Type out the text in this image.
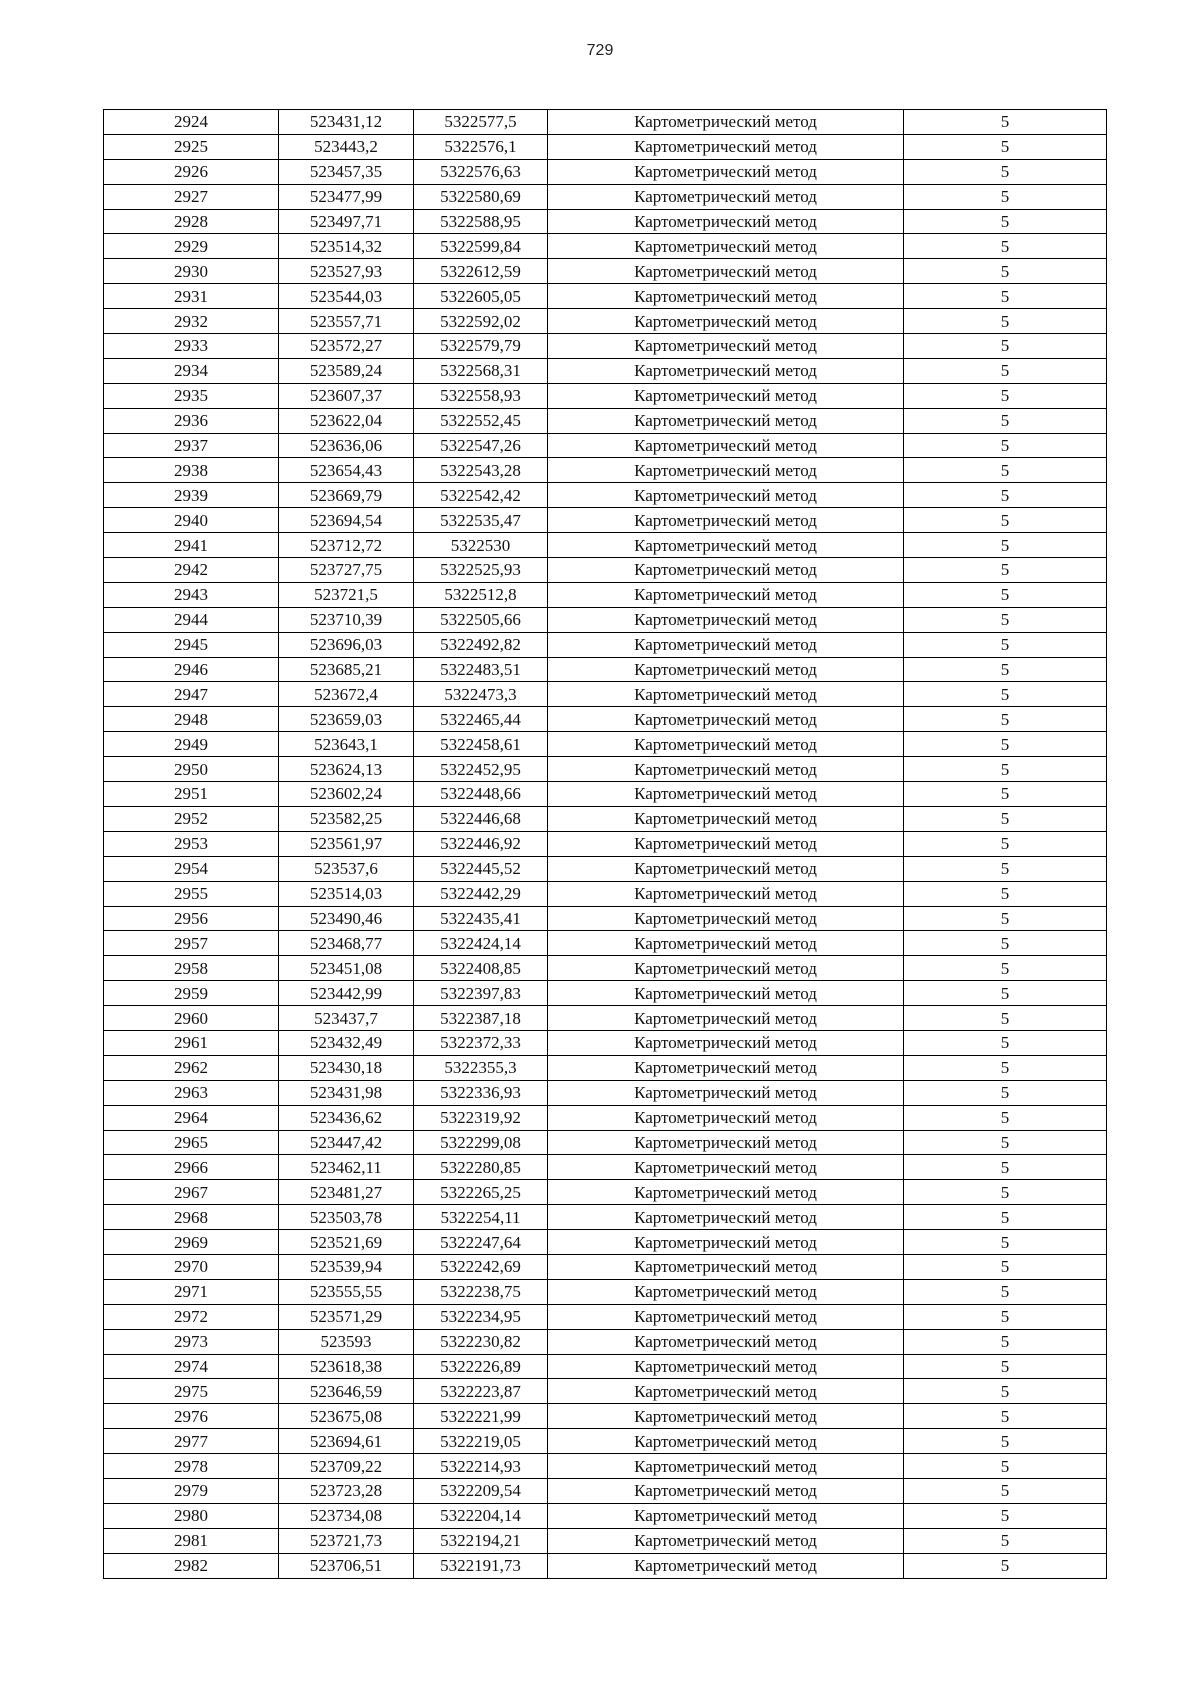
729
2924	523431,12	5322577,5	Картометрический метод	5
2925	523443,2	5322576,1	Картометрический метод	5
2926	523457,35	5322576,63	Картометрический метод	5
2927	523477,99	5322580,69	Картометрический метод	5
2928	523497,71	5322588,95	Картометрический метод	5
2929	523514,32	5322599,84	Картометрический метод	5
2930	523527,93	5322612,59	Картометрический метод	5
2931	523544,03	5322605,05	Картометрический метод	5
2932	523557,71	5322592,02	Картометрический метод	5
2933	523572,27	5322579,79	Картометрический метод	5
2934	523589,24	5322568,31	Картометрический метод	5
2935	523607,37	5322558,93	Картометрический метод	5
2936	523622,04	5322552,45	Картометрический метод	5
2937	523636,06	5322547,26	Картометрический метод	5
2938	523654,43	5322543,28	Картометрический метод	5
2939	523669,79	5322542,42	Картометрический метод	5
2940	523694,54	5322535,47	Картометрический метод	5
2941	523712,72	5322530	Картометрический метод	5
2942	523727,75	5322525,93	Картометрический метод	5
2943	523721,5	5322512,8	Картометрический метод	5
2944	523710,39	5322505,66	Картометрический метод	5
2945	523696,03	5322492,82	Картометрический метод	5
2946	523685,21	5322483,51	Картометрический метод	5
2947	523672,4	5322473,3	Картометрический метод	5
2948	523659,03	5322465,44	Картометрический метод	5
2949	523643,1	5322458,61	Картометрический метод	5
2950	523624,13	5322452,95	Картометрический метод	5
2951	523602,24	5322448,66	Картометрический метод	5
2952	523582,25	5322446,68	Картометрический метод	5
2953	523561,97	5322446,92	Картометрический метод	5
2954	523537,6	5322445,52	Картометрический метод	5
2955	523514,03	5322442,29	Картометрический метод	5
2956	523490,46	5322435,41	Картометрический метод	5
2957	523468,77	5322424,14	Картометрический метод	5
2958	523451,08	5322408,85	Картометрический метод	5
2959	523442,99	5322397,83	Картометрический метод	5
2960	523437,7	5322387,18	Картометрический метод	5
2961	523432,49	5322372,33	Картометрический метод	5
2962	523430,18	5322355,3	Картометрический метод	5
2963	523431,98	5322336,93	Картометрический метод	5
2964	523436,62	5322319,92	Картометрический метод	5
2965	523447,42	5322299,08	Картометрический метод	5
2966	523462,11	5322280,85	Картометрический метод	5
2967	523481,27	5322265,25	Картометрический метод	5
2968	523503,78	5322254,11	Картометрический метод	5
2969	523521,69	5322247,64	Картометрический метод	5
2970	523539,94	5322242,69	Картометрический метод	5
2971	523555,55	5322238,75	Картометрический метод	5
2972	523571,29	5322234,95	Картометрический метод	5
2973	523593	5322230,82	Картометрический метод	5
2974	523618,38	5322226,89	Картометрический метод	5
2975	523646,59	5322223,87	Картометрический метод	5
2976	523675,08	5322221,99	Картометрический метод	5
2977	523694,61	5322219,05	Картометрический метод	5
2978	523709,22	5322214,93	Картометрический метод	5
2979	523723,28	5322209,54	Картометрический метод	5
2980	523734,08	5322204,14	Картометрический метод	5
2981	523721,73	5322194,21	Картометрический метод	5
2982	523706,51	5322191,73	Картометрический метод	5
